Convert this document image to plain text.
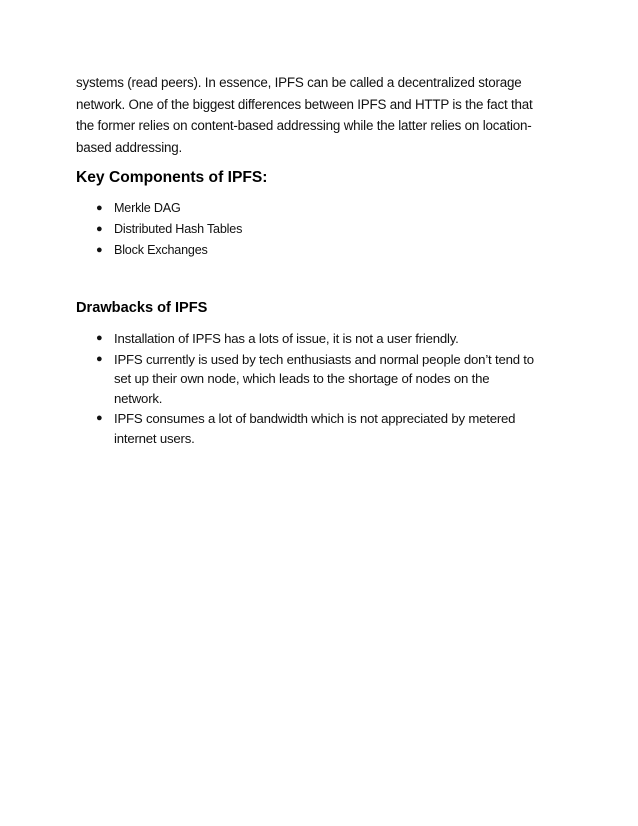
systems (read peers). In essence, IPFS can be called a decentralized storage
network. One of the biggest differences between IPFS and HTTP is the fact that
the former relies on content-based addressing while the latter relies on location-
based addressing.
Key Components of IPFS:
● Merkle DAG
● Distributed Hash Tables
● Block Exchanges
Drawbacks of IPFS
● Installation of IPFS has a lots of issue, it is not a user friendly.
● IPFS currently is used by tech enthusiasts and normal people don’t tend to
set up their own node, which leads to the shortage of nodes on the
network.
● IPFS consumes a lot of bandwidth which is not appreciated by metered
internet users.
